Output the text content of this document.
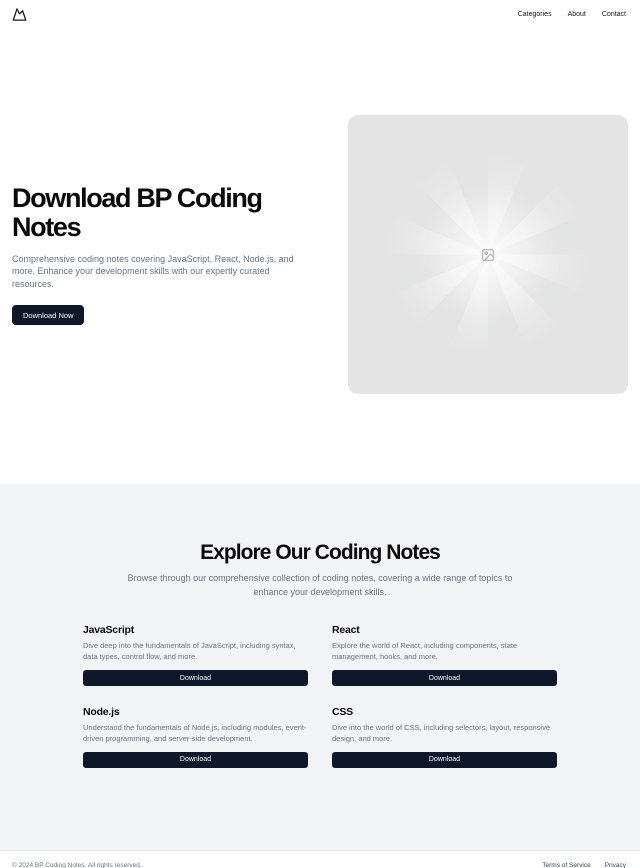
Categories About Contact
Download BP Coding Notes

Comprehensive coding notes covering JavaScript, React, Node.js, and more. Enhance your development skills with our expertly curated resources.

Download Now
Explore Our Coding Notes

Browse through our comprehensive collection of coding notes, covering a wide range of topics to enhance your development skills.

JavaScript

Dive deep into the fundamentals of JavaScript, including syntax, data types, control flow, and more.

Download
React

Explore the world of React, including components, state management, hooks, and more.

Download
Node.js

Understand the fundamentals of Node.js, including modules, event-driven programming, and server-side development.

Download
CSS

Dive into the world of CSS, including selectors, layout, responsive design, and more.

Download
© 2024 BP Coding Notes. All rights reserved.	Terms of Service Privacy
